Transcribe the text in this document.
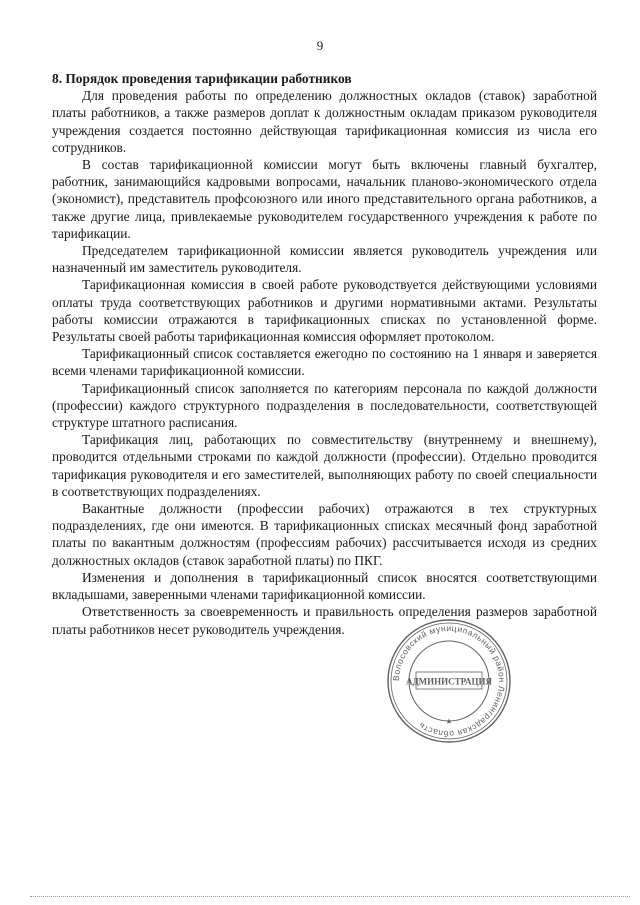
9

8. Порядок проведения тарификации работников

Для проведения работы по определению должностных окладов (ставок) заработной платы работников, а также размеров доплат к должностным окладам приказом руководителя учреждения создается постоянно действующая тарификационная комиссия из числа его сотрудников.

В состав тарификационной комиссии могут быть включены главный бухгалтер, работник, занимающийся кадровыми вопросами, начальник планово-экономического отдела (экономист), представитель профсоюзного или иного представительного органа работников, а также другие лица, привлекаемые руководителем государственного учреждения к работе по тарификации.

Председателем тарификационной комиссии является руководитель учреждения или назначенный им заместитель руководителя.

Тарификационная комиссия в своей работе руководствуется действующими условиями оплаты труда соответствующих работников и другими нормативными актами. Результаты работы комиссии отражаются в тарификационных списках по установленной форме. Результаты своей работы тарификационная комиссия оформляет протоколом.

Тарификационный список составляется ежегодно по состоянию на 1 января и заверяется всеми членами тарификационной комиссии.

Тарификационный список заполняется по категориям персонала по каждой должности (профессии) каждого структурного подразделения в последовательности, соответствующей структуре штатного расписания.

Тарификация лиц, работающих по совместительству (внутреннему и внешнему), проводится отдельными строками по каждой должности (профессии). Отдельно проводится тарификация руководителя и его заместителей, выполняющих работу по своей специальности в соответствующих подразделениях.

Вакантные должности (профессии рабочих) отражаются в тех структурных подразделениях, где они имеются. В тарификационных списках месячный фонд заработной платы по вакантным должностям (профессиям рабочих) рассчитывается исходя из средних должностных окладов (ставок заработной платы) по ПКГ.

Изменения и дополнения в тарификационный список вносятся соответствующими вкладышами, заверенными членами тарификационной комиссии.

Ответственность за своевременность и правильность определения размеров заработной платы работников несет руководитель учреждения.

Волосовский муниципальный район Ленинградская область
АДМИНИСТРАЦИЯ
★
